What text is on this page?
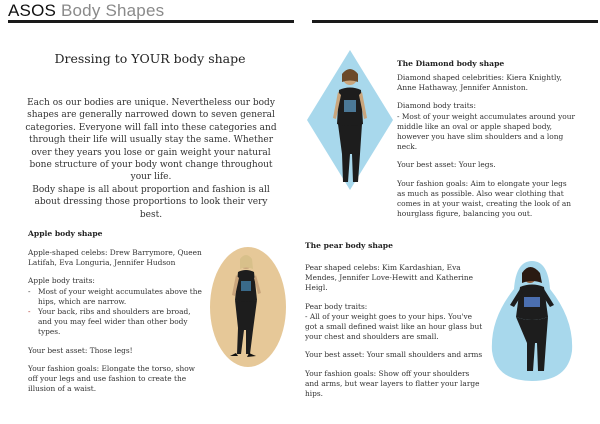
ASOS Body Shapes
Dressing to YOUR body shape

Each os our bodies are unique. Nevertheless our body shapes are generally narrowed down to seven general categories. Everyone will fall into these categories and through their life will usually stay the same. Whether over they years you lose or gain weight your natural bone structure of your body wont change throughout your life.

Body shape is all about proportion and fashion is all about dressing those proportions to look their very best.

Apple body shape

Apple-shaped celebs: Drew Barrymore, Queen Latifah, Eva Longuria, Jennifer Hudson

Apple body traits:

- Most of your weight accumulates above the hips, which are narrow.
- Your back, ribs and shoulders are broad, and you may feel wider than other body types.

Your best asset: Those legs!

Your fashion goals: Elongate the torso, show off your legs and use fashion to create the illusion of a waist.

The Diamond body shape

Diamond shaped celebrities: Kiera Knightly, Anne Hathaway, Jennifer Anniston.

Diamond body traits:

- Most of your weight accumulates around your middle like an oval or apple shaped body, however you have slim shoulders and a long neck.

Your best asset: Your legs.

Your fashion goals: Aim to elongate your legs as much as possible. Also wear clothing that comes in at your waist, creating the look of an hourglass figure, balancing you out.

The pear body shape

Pear shaped celebs: Kim Kardashian, Eva Mendes, Jennifer Love-Hewitt and Katherine Heigl.

Pear body traits:

- All of your weight goes to your hips. You've got a small defined waist like an hour glass but your chest and shoulders are small.

Your best asset: Your small shoulders and arms

Your fashion goals: Show off your shoulders and arms, but wear layers to flatter your large hips.
